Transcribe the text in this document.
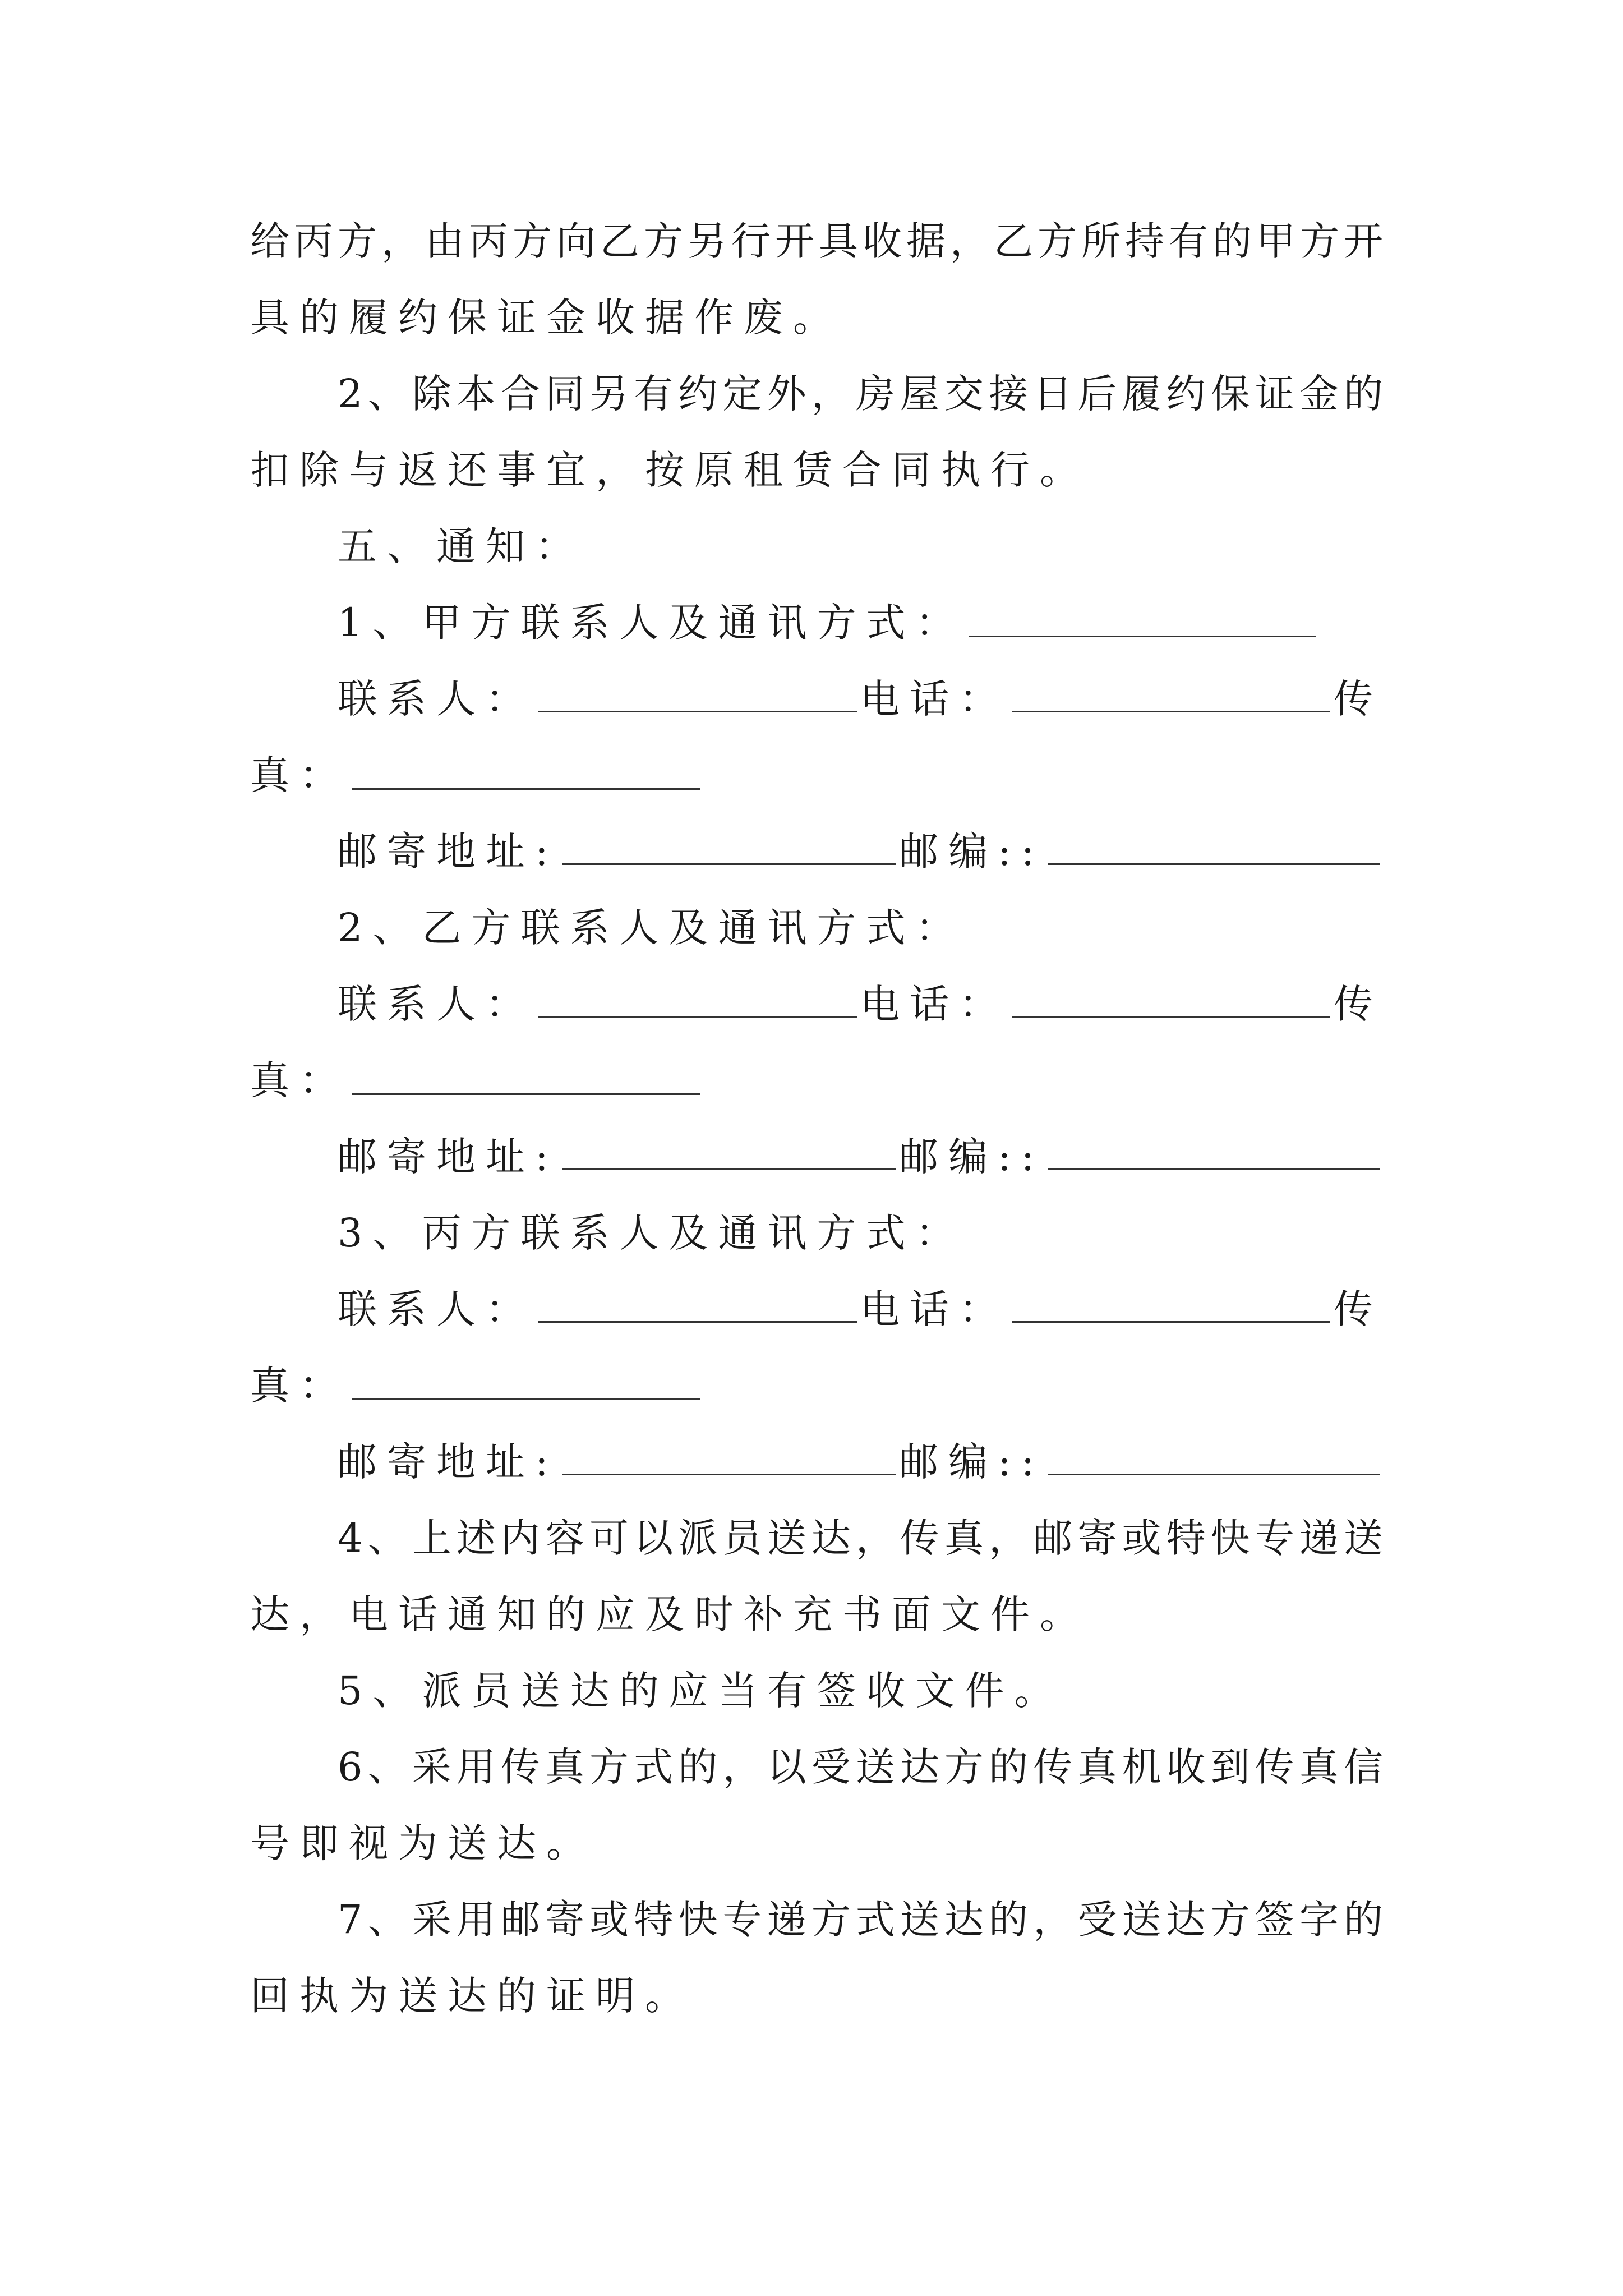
给丙方，由丙方向乙方另行开具收据，乙方所持有的甲方开
具的履约保证金收据作废。
2、除本合同另有约定外，房屋交接日后履约保证金的
扣除与返还事宜，按原租赁合同执行。
五、通知：
1、甲方联系人及通讯方式：
联系人：	电话：	传
真：
邮寄地址:	邮编::
2、乙方联系人及通讯方式：
联系人：	电话：	传
真：
邮寄地址:	邮编::
3、丙方联系人及通讯方式：
联系人：	电话：	传
真：
邮寄地址:	邮编::
4、上述内容可以派员送达，传真，邮寄或特快专递送
达，电话通知的应及时补充书面文件。
5、派员送达的应当有签收文件。
6、采用传真方式的，以受送达方的传真机收到传真信
号即视为送达。
7、采用邮寄或特快专递方式送达的，受送达方签字的
回执为送达的证明。
